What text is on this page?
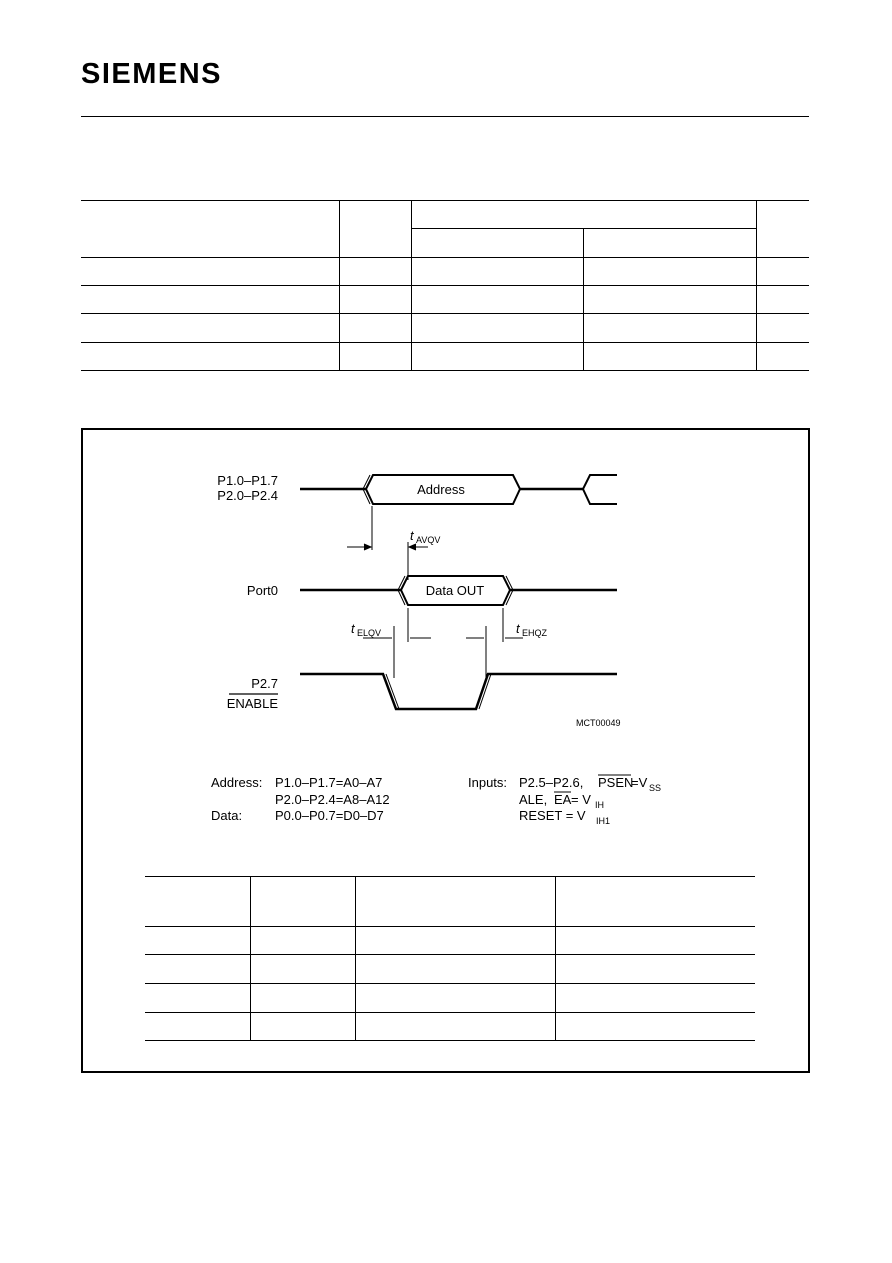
SIEMENS
P1.0–P1.7
P2.0–P2.4
Port0
P2.7
ENABLE
Address
Data OUT
t AVQV
t ELQV	t EHQZ
MCT00049
Address: P1.0–P1.7=A0–A7
P2.0–P2.4=A8–A12
Data:	P0.0–P0.7=D0–D7
Inputs: P2.5–P2.6, PSEN
=V SS
ALE, EA = V IH
RESET = V IH1
